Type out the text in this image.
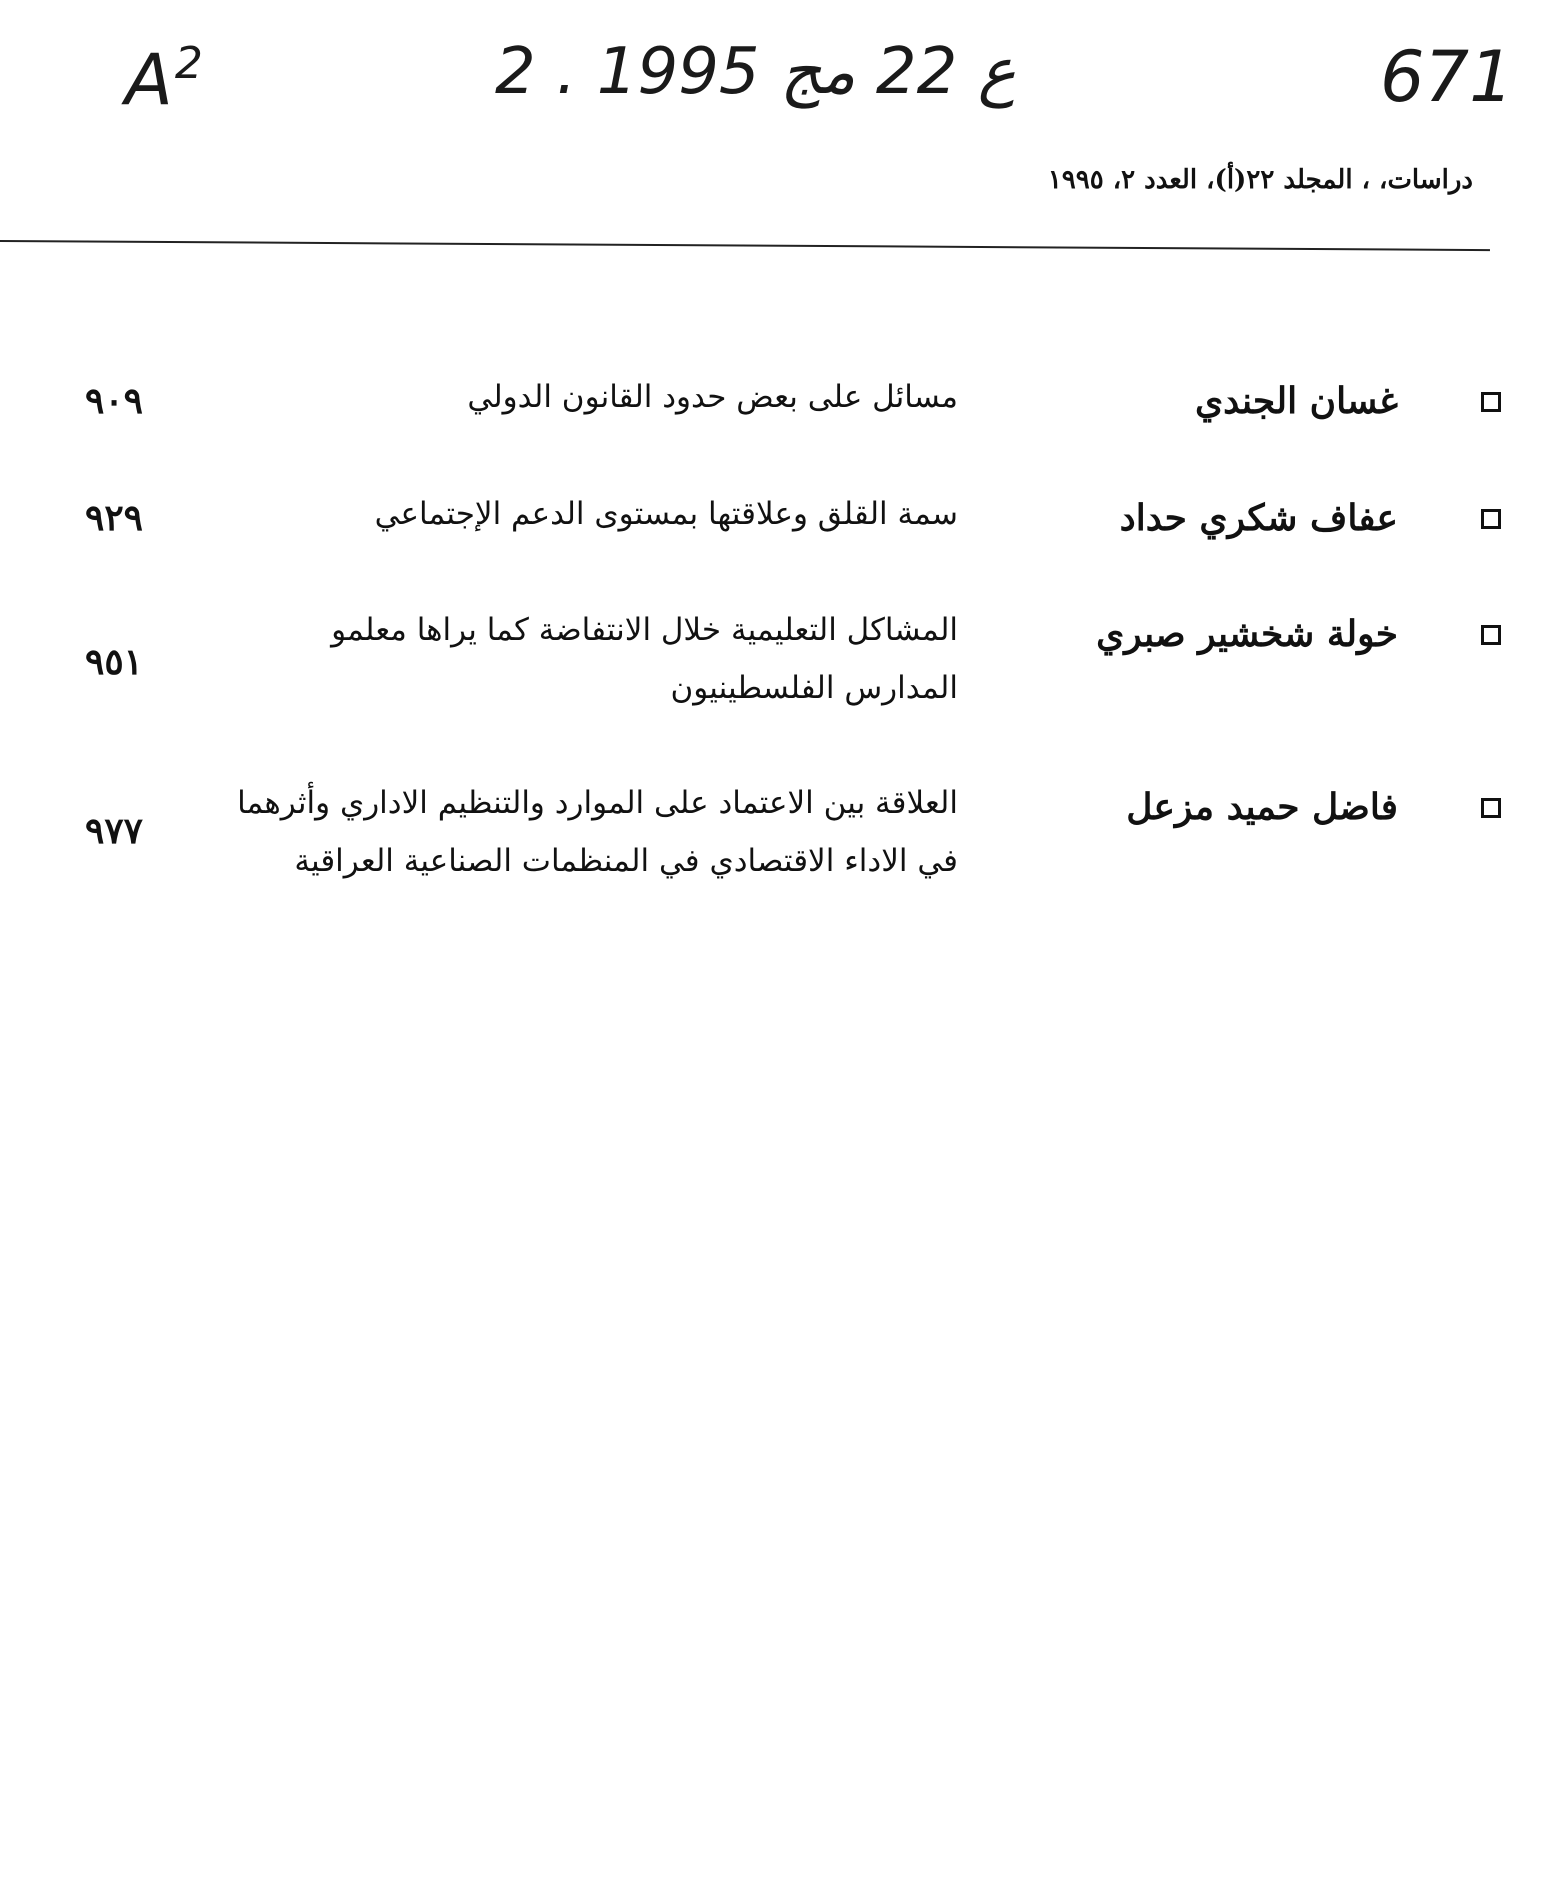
$A^2$	2 . ع 22 مج 1995	671
دراسات، ، المجلد ٢٢(أ)، العدد ٢، ١٩٩٥
غسان الجندي
مسائل على بعض حدود القانون الدولي
٩٠٩
عفاف شكري حداد
سمة القلق وعلاقتها بمستوى الدعم الإجتماعي
٩٢٩
خولة شخشير صبري
المشاكل التعليمية خلال الانتفاضة كما يراها معلمو المدارس الفلسطينيون
٩٥١
فاضل حميد مزعل
العلاقة بين الاعتماد على الموارد والتنظيم الاداري وأثرهما في الاداء الاقتصادي في المنظمات الصناعية العراقية
٩٧٧
